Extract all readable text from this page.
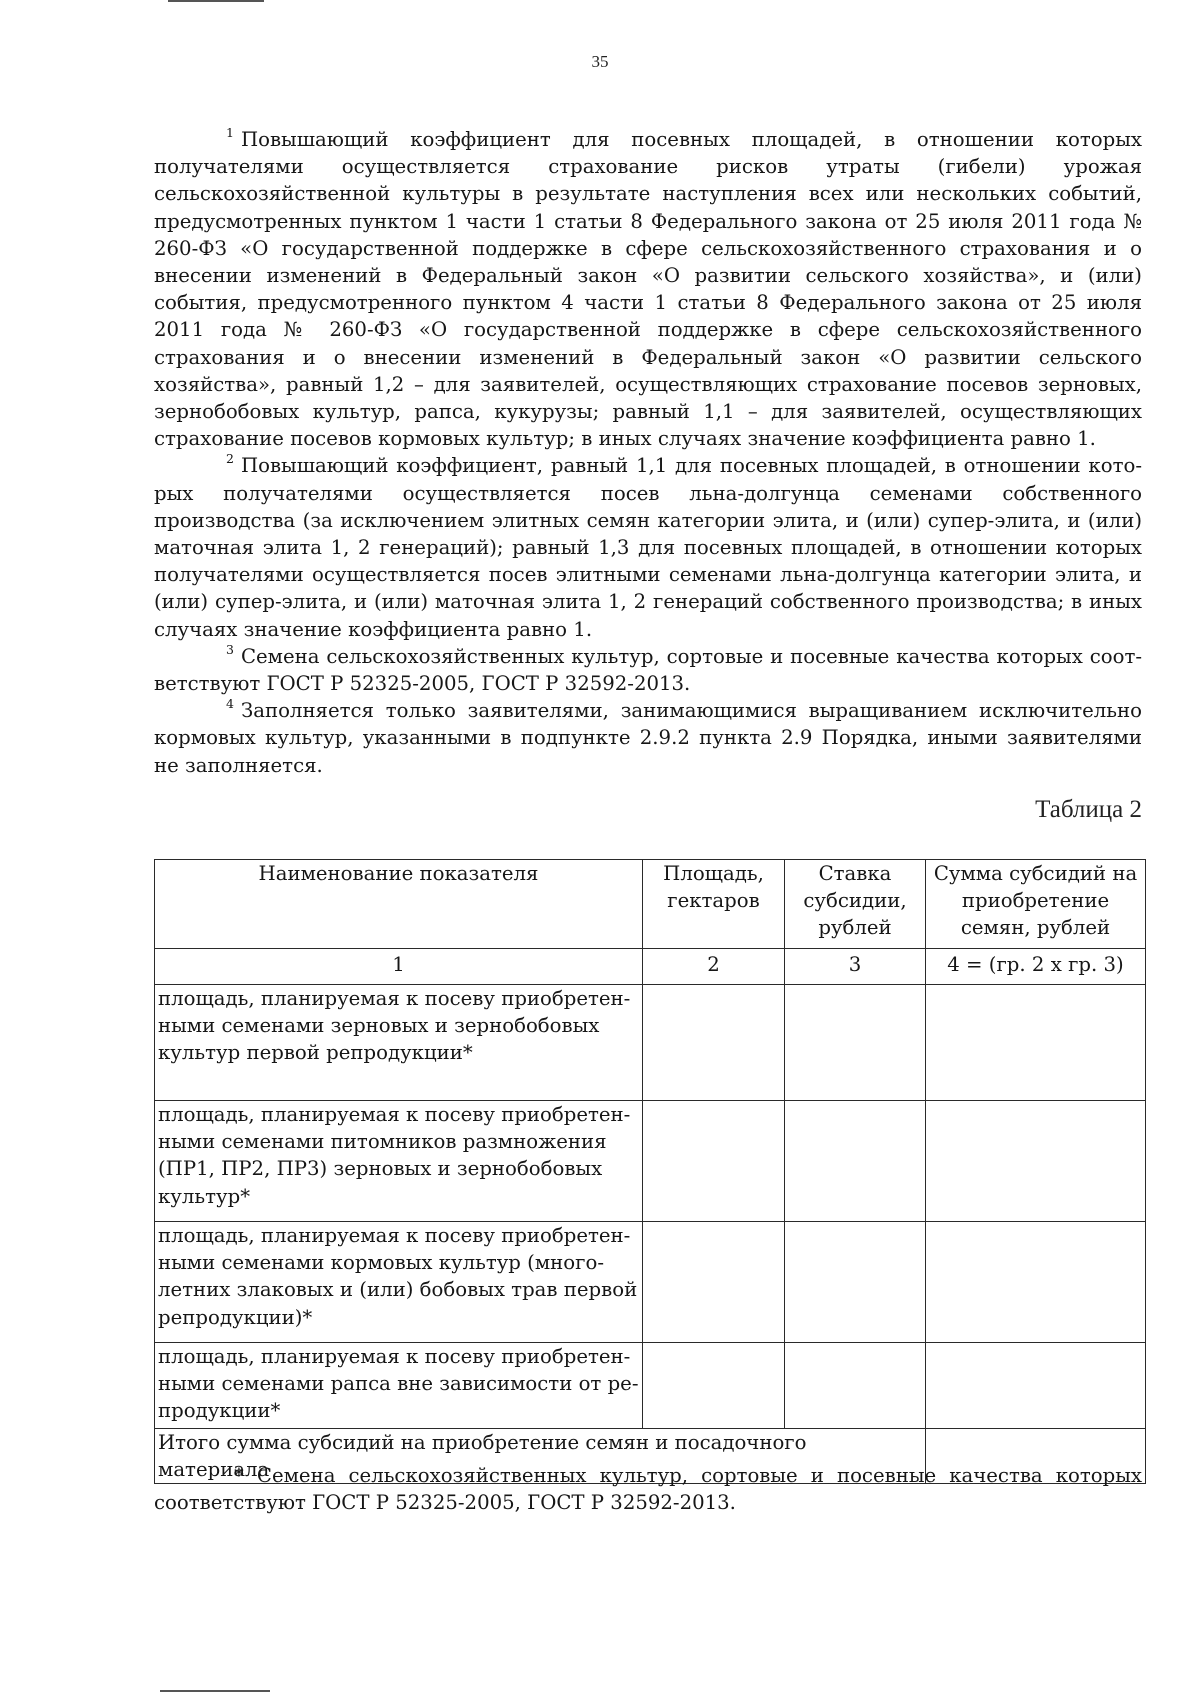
35

$^1$ Повышающий коэффициент для посевных площадей, в отношении которых получателями осуществляется страхование рисков утраты (гибели) урожая сельскохозяйственной культуры в результате наступления всех или нескольких событий, предусмотренных пунктом 1 части 1 статьи 8 Федерального закона от 25 июля 2011 года № 260-ФЗ «О государственной поддержке в сфере сельскохозяйственного страхования и о внесении изменений в Федеральный закон «О развитии сельского хозяйства», и (или) события, предусмотренного пунктом 4 части 1 статьи 8 Федерального закона от 25 июля 2011 года № 260-ФЗ «О государственной поддержке в сфере сельскохозяйственного страхования и о внесении изменений в Федеральный закон «О развитии сельского хозяйства», равный 1,2 – для заявителей, осуществляющих страхование посевов зерновых, зернобобовых культур, рапса, кукурузы; равный 1,1 – для заявителей, осуществляющих страхование посевов кормовых культур; в иных случаях значение коэффициента равно 1.

$^2$ Повышающий коэффициент, равный 1,1 для посевных площадей, в отношении которых получателями осуществляется посев льна-долгунца семенами собственного производства (за исключением элитных семян категории элита, и (или) супер-элита, и (или) маточная элита 1, 2 генераций); равный 1,3 для посевных площадей, в отношении которых получателями осуществляется посев элитными семенами льна-долгунца категории элита, и (или) супер-элита, и (или) маточная элита 1, 2 генераций собственного производства; в иных случаях значение коэффициента равно 1.

$^3$ Семена сельскохозяйственных культур, сортовые и посевные качества которых соответствуют ГОСТ Р 52325-2005, ГОСТ Р 32592-2013.

$^4$ Заполняется только заявителями, занимающимися выращиванием исключительно кормовых культур, указанными в подпункте 2.9.2 пункта 2.9 Порядка, иными заявителями не заполняется.

Таблица 2
Наименование показателя	Площадь, гектаров	Ставка субсидии, рублей	Сумма субсидий на приобретение семян, рублей

1	2	3	4 = (гр. 2 х гр. 3)
площадь, планируемая к посеву приобретенными семенами зерновых и зернобобовых культур первой репродукции*			
площадь, планируемая к посеву приобретенными семенами питомников размножения (ПР1, ПР2, ПР3) зерновых и зернобобовых культур*			
площадь, планируемая к посеву приобретенными семенами кормовых культур (многолетних злаковых и (или) бобовых трав первой репродукции)*			
площадь, планируемая к посеву приобретенными семенами рапса вне зависимости от репродукции*			
Итого сумма субсидий на приобретение семян и посадочного материала			

* Семена сельскохозяйственных культур, сортовые и посевные качества которых соответствуют ГОСТ Р 52325-2005, ГОСТ Р 32592-2013.
